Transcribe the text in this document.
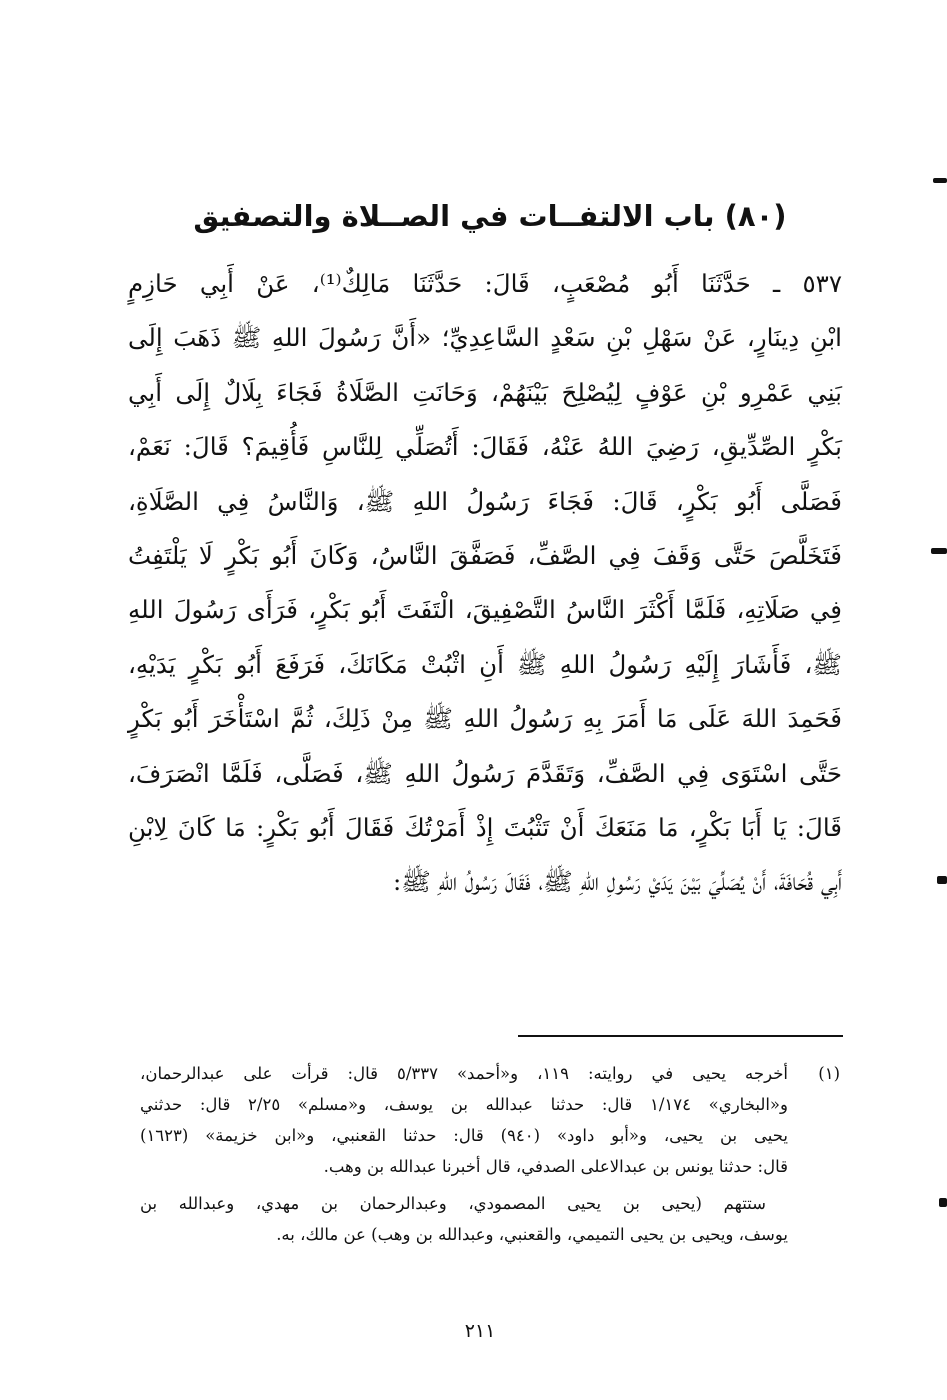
(٨٠) باب الالتفــات في الصــلاة والتصفيق
٥٣٧ ـ حَدَّثَنَا أَبُو مُصْعَبٍ، قَالَ: حَدَّثَنَا مَالِكٌ⁽¹⁾، عَنْ أَبِي حَازِمٍ
ابْنِ دِينَارٍ، عَنْ سَهْلِ بْنِ سَعْدٍ السَّاعِدِيِّ؛ «أَنَّ رَسُولَ اللهِ ﷺ ذَهَبَ إِلَى
بَنِي عَمْرِو بْنِ عَوْفٍ لِيُصْلِحَ بَيْنَهُمْ، وَحَانَتِ الصَّلَاةُ فَجَاءَ بِلَالٌ إِلَى أَبِي
بَكْرٍ الصِّدِّيقِ، رَضِيَ اللهُ عَنْهُ، فَقَالَ: أَتُصَلِّي لِلنَّاسِ فَأُقِيمَ؟ قَالَ: نَعَمْ،
فَصَلَّى أَبُو بَكْرٍ، قَالَ: فَجَاءَ رَسُولُ اللهِ ﷺ، وَالنَّاسُ فِي الصَّلَاةِ،
فَتَخَلَّصَ حَتَّى وَقَفَ فِي الصَّفِّ، فَصَفَّقَ النَّاسُ، وَكَانَ أَبُو بَكْرٍ لَا يَلْتَفِتُ
فِي صَلَاتِهِ، فَلَمَّا أَكْثَرَ النَّاسُ التَّصْفِيقَ، الْتَفَتَ أَبُو بَكْرٍ، فَرَأَى رَسُولَ اللهِ
ﷺ، فَأَشَارَ إِلَيْهِ رَسُولُ اللهِ ﷺ أَنِ اثْبُتْ مَكَانَكَ، فَرَفَعَ أَبُو بَكْرٍ يَدَيْهِ،
فَحَمِدَ اللهَ عَلَى مَا أَمَرَ بِهِ رَسُولُ اللهِ ﷺ مِنْ ذَلِكَ، ثُمَّ اسْتَأْخَرَ أَبُو بَكْرٍ
حَتَّى اسْتَوَى فِي الصَّفِّ، وَتَقَدَّمَ رَسُولُ اللهِ ﷺ، فَصَلَّى، فَلَمَّا انْصَرَفَ،
قَالَ: يَا أَبَا بَكْرٍ، مَا مَنَعَكَ أَنْ تَثْبُتَ إِذْ أَمَرْتُكَ فَقَالَ أَبُو بَكْرٍ: مَا كَانَ لِابْنِ
أَبِي قُحَافَةَ، أَنْ يُصَلِّيَ بَيْنَ يَدَيْ رَسُولِ اللهِ ﷺ، فَقَالَ رَسُولُ اللهِ ﷺ:
(١)
أخرجه يحيى في روايته: ١١٩، و«أحمد» ٥/٣٣٧ قال: قرأت على عبدالرحمان،
و«البخاري» ١/١٧٤ قال: حدثنا عبدالله بن يوسف، و«مسلم» ٢/٢٥ قال: حدثني
يحيى بن يحيى، و«أبو داود» (٩٤٠) قال: حدثنا القعنبي، و«ابن خزيمة» (١٦٢٣)
قال: حدثنا يونس بن عبدالاعلى الصدفي، قال أخبرنا عبدالله بن وهب.
ستتهم (يحيى بن يحيى المصمودي، وعبدالرحمان بن مهدي، وعبدالله بن
يوسف، ويحيى بن يحيى التميمي، والقعنبي، وعبدالله بن وهب) عن مالك، به.
٢١١
